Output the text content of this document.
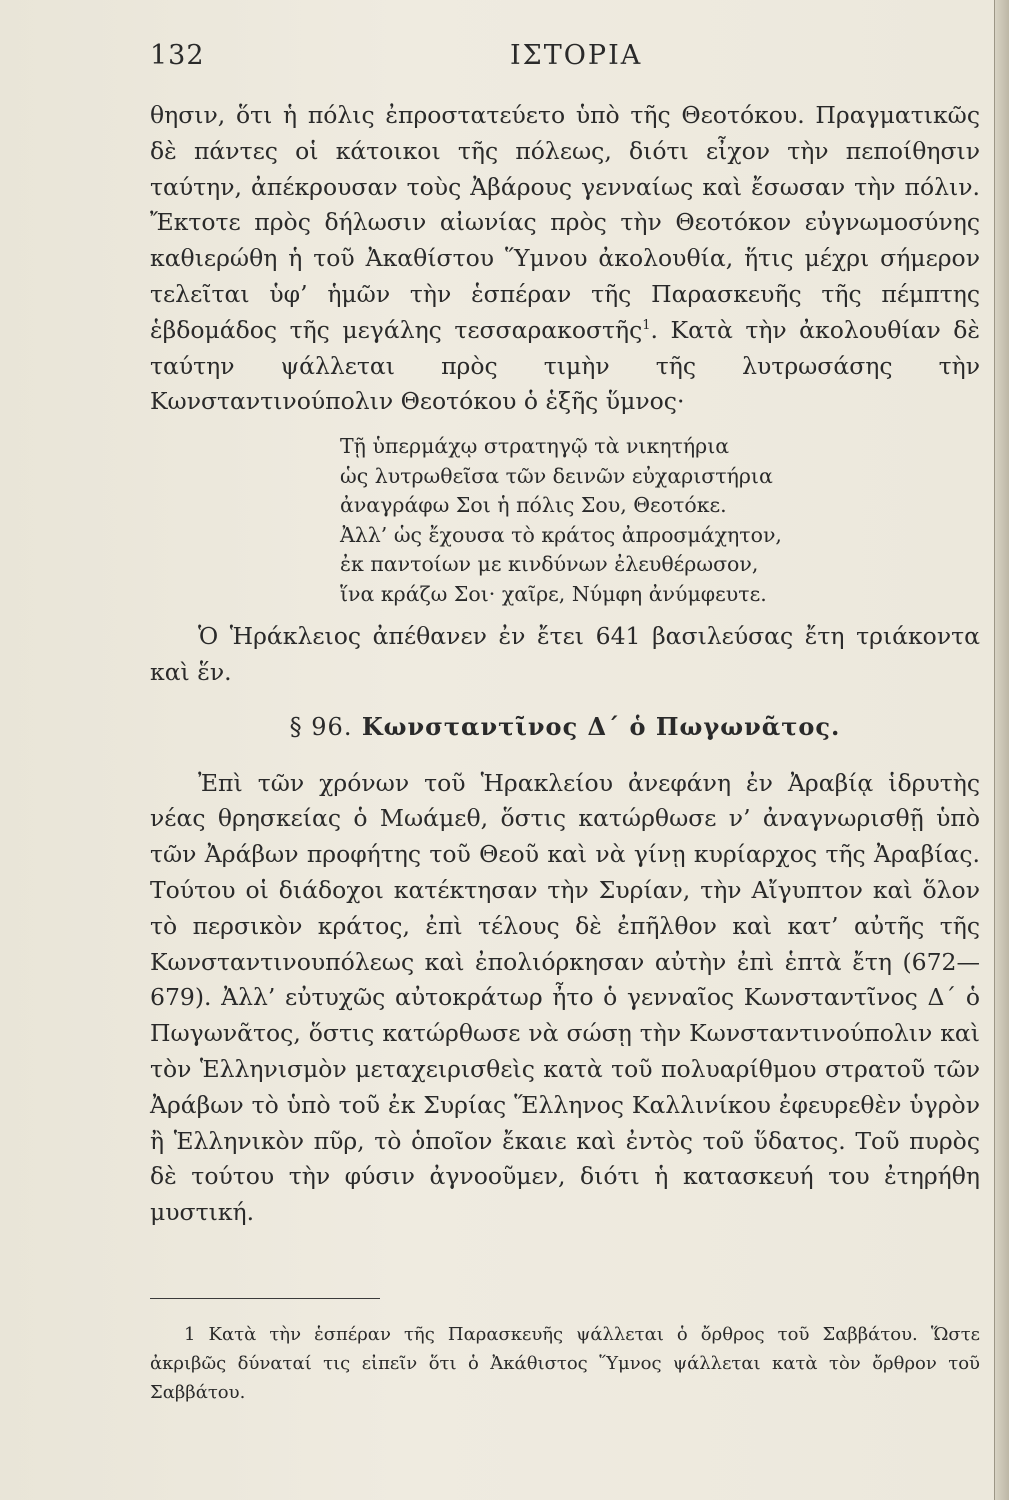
132	ΙΣΤΟΡΙΑ

θησιν, ὅτι ἡ πόλις ἐπροστατεύετο ὑπὸ τῆς Θεοτόκου. Πραγματικῶς δὲ πάντες οἱ κάτοικοι τῆς πόλεως, διότι εἶχον τὴν πεποίθησιν ταύτην, ἀπέκρουσαν τοὺς Ἀβάρους γενναίως καὶ ἔσωσαν τὴν πόλιν. Ἔκτοτε πρὸς δήλωσιν αἰωνίας πρὸς τὴν Θεοτόκον εὐγνωμοσύνης καθιερώθη ἡ τοῦ Ἀκαθίστου Ὕμνου ἀκολουθία, ἥτις μέχρι σήμερον τελεῖται ὑφ’ ἡμῶν τὴν ἑσπέραν τῆς Παρασκευῆς τῆς πέμπτης ἑβδομάδος τῆς μεγάλης τεσσαρακοστῆς$^1$. Κατὰ τὴν ἀκολουθίαν δὲ ταύτην ψάλλεται πρὸς τιμὴν τῆς λυτρωσάσης τὴν Κωνσταντινούπολιν Θεοτόκου ὁ ἑξῆς ὕμνος·

Τῇ ὑπερμάχῳ στρατηγῷ τὰ νικητήρια
ὡς λυτρωθεῖσα τῶν δεινῶν εὐχαριστήρια
ἀναγράφω Σοι ἡ πόλις Σου, Θεοτόκε.
Ἀλλ’ ὡς ἔχουσα τὸ κράτος ἀπροσμάχητον,
ἐκ παντοίων με κινδύνων ἐλευθέρωσον,
ἵνα κράζω Σοι· χαῖρε, Νύμφη ἀνύμφευτε.

Ὁ Ἡράκλειος ἀπέθανεν ἐν ἔτει 641 βασιλεύσας ἔτη τριάκοντα καὶ ἕν.

§ 96. Κωνσταντῖνος Δ΄ ὁ Πωγωνᾶτος.

Ἐπὶ τῶν χρόνων τοῦ Ἡρακλείου ἀνεφάνη ἐν Ἀραβίᾳ ἱδρυτὴς νέας θρησκείας ὁ Μωάμεθ, ὅστις κατώρθωσε ν’ ἀναγνωρισθῇ ὑπὸ τῶν Ἀράβων προφήτης τοῦ Θεοῦ καὶ νὰ γίνῃ κυρίαρχος τῆς Ἀραβίας. Τούτου οἱ διάδοχοι κατέκτησαν τὴν Συρίαν, τὴν Αἴγυπτον καὶ ὅλον τὸ περσικὸν κράτος, ἐπὶ τέλους δὲ ἐπῆλθον καὶ κατ’ αὐτῆς τῆς Κωνσταντινουπόλεως καὶ ἐπολιόρκησαν αὐτὴν ἐπὶ ἑπτὰ ἔτη (672—679). Ἀλλ’ εὐτυχῶς αὐτοκράτωρ ἦτο ὁ γενναῖος Κωνσταντῖνος Δ΄ ὁ Πωγωνᾶτος, ὅστις κατώρθωσε νὰ σώσῃ τὴν Κωνσταντινούπολιν καὶ τὸν Ἑλληνισμὸν μεταχειρισθεὶς κατὰ τοῦ πολυαρίθμου στρατοῦ τῶν Ἀράβων τὸ ὑπὸ τοῦ ἐκ Συρίας Ἕλληνος Καλλινίκου ἐφευρεθὲν ὑγρὸν ἢ Ἑλληνικὸν πῦρ, τὸ ὁποῖον ἔκαιε καὶ ἐντὸς τοῦ ὕδατος. Τοῦ πυρὸς δὲ τούτου τὴν φύσιν ἀγνοοῦμεν, διότι ἡ κατασκευή του ἐτηρήθη μυστική.

1 Κατὰ τὴν ἑσπέραν τῆς Παρασκευῆς ψάλλεται ὁ ὄρθρος τοῦ Σαββάτου. Ὥστε ἀκριβῶς δύναταί τις εἰπεῖν ὅτι ὁ Ἀκάθιστος Ὕμνος ψάλλεται κατὰ τὸν ὄρθρον τοῦ Σαββάτου.
